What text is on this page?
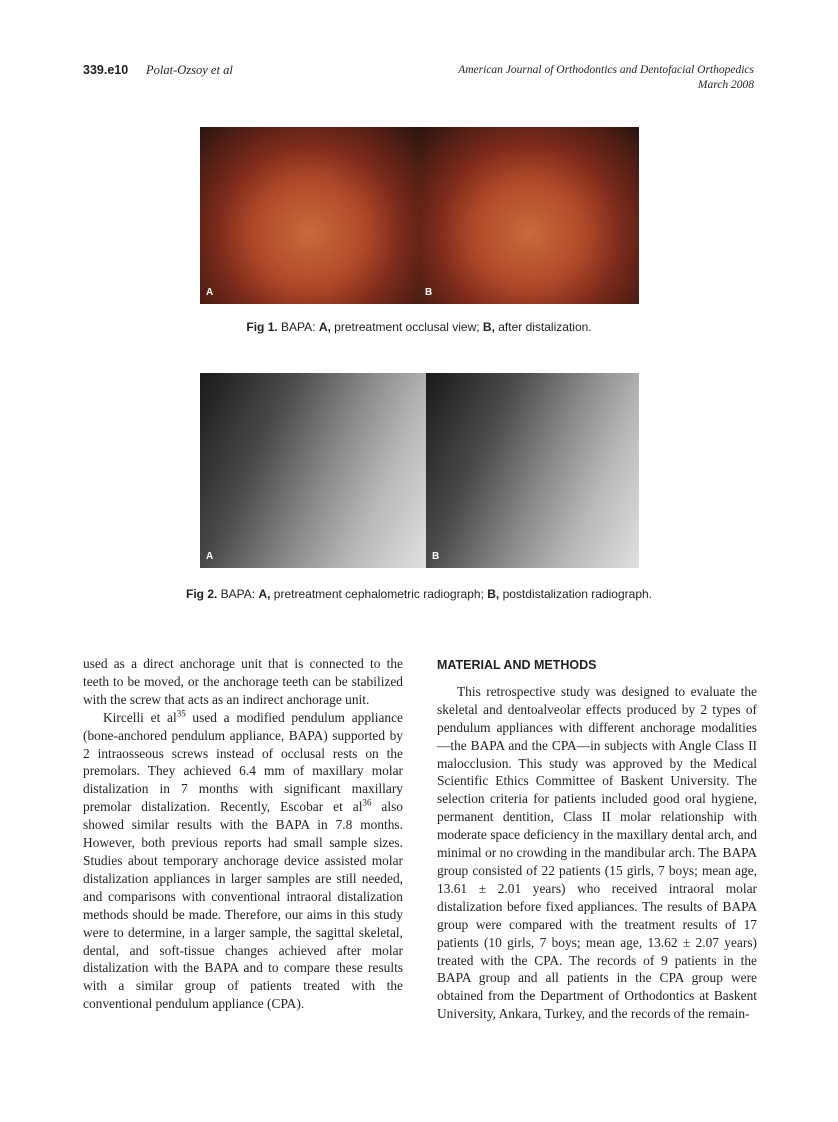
339.e10 Polat-Ozsoy et al	American Journal of Orthodontics and Dentofacial Orthopedics
March 2008
A	B
Fig 1. BAPA: A, pretreatment occlusal view; B, after distalization.
A	B
Fig 2. BAPA: A, pretreatment cephalometric radiograph; B, postdistalization radiograph.

used as a direct anchorage unit that is connected to the teeth to be moved, or the anchorage teeth can be stabilized with the screw that acts as an indirect anchorage unit.

Kircelli et $al^{35}$ used a modified pendulum appliance (bone-anchored pendulum appliance, BAPA) supported by 2 intraosseous screws instead of occlusal rests on the premolars. They achieved 6.4 mm of maxillary molar distalization in 7 months with significant maxillary premolar distalization. Recently, Escobar et $al^{36}$ also showed similar results with the BAPA in 7.8 months. However, both previous reports had small sample sizes. Studies about temporary anchorage device assisted molar distalization appliances in larger samples are still needed, and comparisons with conventional intraoral distalization methods should be made. Therefore, our aims in this study were to determine, in a larger sample, the sagittal skeletal, dental, and soft-tissue changes achieved after molar distalization with the BAPA and to compare these results with a similar group of patients treated with the conventional pendulum appliance (CPA).

MATERIAL AND METHODS

This retrospective study was designed to evaluate the skeletal and dentoalveolar effects produced by 2 types of pendulum appliances with different anchorage modalities—the BAPA and the CPA—in subjects with Angle Class II malocclusion. This study was approved by the Medical Scientific Ethics Committee of Baskent University. The selection criteria for patients included good oral hygiene, permanent dentition, Class II molar relationship with moderate space deficiency in the maxillary dental arch, and minimal or no crowding in the mandibular arch. The BAPA group consisted of 22 patients (15 girls, 7 boys; mean age, 13.61 ± 2.01 years) who received intraoral molar distalization before fixed appliances. The results of BAPA group were compared with the treatment results of 17 patients (10 girls, 7 boys; mean age, 13.62 ± 2.07 years) treated with the CPA. The records of 9 patients in the BAPA group and all patients in the CPA group were obtained from the Department of Orthodontics at Baskent University, Ankara, Turkey, and the records of the remain-
